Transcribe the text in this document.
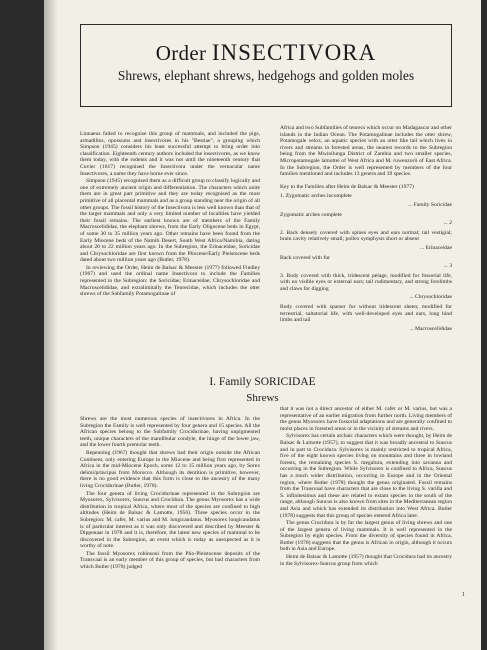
Order INSECTIVORA
Shrews, elephant shrews, hedgehogs and golden moles

Linnaeus failed to recognise this group of mammals, and included the pigs, armadillos, opossums and insectivores in his "Bestiae", a grouping which Simpson (1945) considers his least successful attempt to bring order into classification. Eighteenth century authors included the insectivores, as we know them today, with the rodents and it was not until the nineteenth century that Cuvier (1817) recognised the Insectivora under the vernacular name Insectivores, a name they have borne ever since.

Simpson (1945) recognised them as a difficult group to classify logically and one of extremely ancient origin and differentiation. The characters which unite them are in great part primitive and they are today recognised as the most primitive of all placental mammals and as a group standing near the origin of all other groups. The fossil history of the Insectivora is less well known than that of the larger mammals and only a very limited number of localities have yielded their fossil remains. The earliest known are of members of the Family Macroscelididae, the elephant shrews, from the Early Oligocene beds in Egypt, of some 30 to 35 million years ago. Other remains have been found from the Early Miocene beds of the Namib Desert, South West Africa/Namibia, dating about 20 to 22 million years ago. In the Subregion, the Erinaceidae, Soricidae and Chrysochloridae are first known from the Pliocene/Early Pleistocene beds dated about two million years ago (Butler, 1978).

In reviewing the Order, Heim de Balsac & Meester (1977) followed Findley (1967) and used the ordinal name Insectivora to include the Families represented in the Subregion: the Soricidae; Erinaceidae; Chrysochloridae and Macroscelididae, and extralimitally the Tenrecidae, which includes the otter shrews of the Subfamily Potamogalinae of

Africa and two Subfamilies of tenrecs which occur on Madagascar and other islands in the Indian Ocean. The Potamogalinae includes the otter shrew, Potamogale velox, an aquatic species with an otter like tail which lives in rivers and streams in forested areas, the nearest records to the Subregion being from the Mwinilunga District of Zambia and two smaller species, Micropotamogale lamottei of West Africa and M. ruwenzorii of East Africa. In the Subregion, the Order is well represented by members of the four families mentioned and includes 13 genera and 39 species.

Key to the Families after Heim de Balsac & Meester (1977)
1. Zygomatic arches incomplete
... Family Soricidae
Zygomatic arches complete
... 2
2. Back densely covered with spines eyes and ears normal; tail vestigial; brain cavity relatively small; pollex symphysis short or absent
... Erinaceidae
Back covered with fur
... 3
3. Body covered with thick, iridescent pelage, modified for fossorial life, with no visible eyes or external ears; tail rudimentary, and strong forelimbs and claws for digging
... Chrysochloridae
Body covered with sparser fur without iridescent sheen; modified for terrestrial, saltatorial life, with well-developed eyes and ears, long hind limbs and tail
... Macroscelididae
I. Family SORICIDAE
Shrews

Shrews are the most numerous species of insectivores in Africa. In the Subregion the Family is well represented by four genera and 15 species. All the African species belong to the Subfamily Crocidurinae, having unpigmented teeth, unique characters of the mandibular condyle, the hinge of the lower jaw, and the lower fourth premolar teeth.

Repenning (1967) thought that shrews had their origin outside the African Continent, only entering Europe in the Miocene and being first represented in Africa in the mid-Miocene Epoch, some 12 to 15 million years ago, by Sorex dehmi/principus from Morocco. Although its dentition is primitive, however, there is no good evidence that this form is close to the ancestry of the many living Crocidurinae (Butler, 1978).

The four genera of living Crocidurinae represented in the Subregion are Myosorex, Sylvisorex, Suncus and Crocidura. The genus Myosorex has a wide distribution in tropical Africa, where most of the species are confined to high altitudes (Heim de Balsac & Lamotte, 1956). Three species occur in the Subregion: M. cafer, M. varius and M. longicaudatus. Myosorex longicaudatus is of particular interest as it was only discovered and described by Meester & Dippenaar in 1978 and it is, therefore, the latest new species of mammal to be discovered in the Subregion, an event which is today as unexpected as it is worthy of note.

The fossil Myosorex robinsoni from the Plio-Pleistocene deposits of the Transvaal is an early member of this group of species, but had characters from which Butler (1978) judged

that it was not a direct ancestor of either M. cafer or M. varius, but was a representative of an earlier migration from further north. Living members of the genus Myosorex have fossorial adaptations and are generally confined to moist places in forested areas or in the vicinity of streams and rivers.

Sylvisorex has certain archaic characters which were thought, by Heim de Balsac & Lamotte (1957), to suggest that it was broadly ancestral to Suncus and in part to Crocidura. Sylvisorex is mainly restricted to tropical Africa, five of the eight known species living on mountains and three in lowland forests, the remaining species S. megalura, extending into savanna and occurring in the Subregion. While Sylvisorex is confined to Africa, Suncus has a much wider distribution, occurring in Europe and in the Oriental region, where Butler (1978) thought the genus originated. Fossil remains from the Transvaal have characters that are close to the living S. varilla and S. infinitesimus and these are related to extant species in the south of the range, although Suncus is also known from sites in the Mediterranean region and Asia and which has extended its distribution into West Africa. Butler (1978) suggests that this group of species entered Africa later.

The genus Crocidura is by far the largest genus of living shrews and one of the largest genera of living mammals. It is well represented in the Subregion by eight species. From the diversity of species found in Africa, Butler (1978) suggests that the genus is African in origin, although it occurs both in Asia and Europe.

Heim de Balsac & Lamotte (1957) thought that Crocidura had its ancestry in the Sylvisorex-Suncus group from which

1
